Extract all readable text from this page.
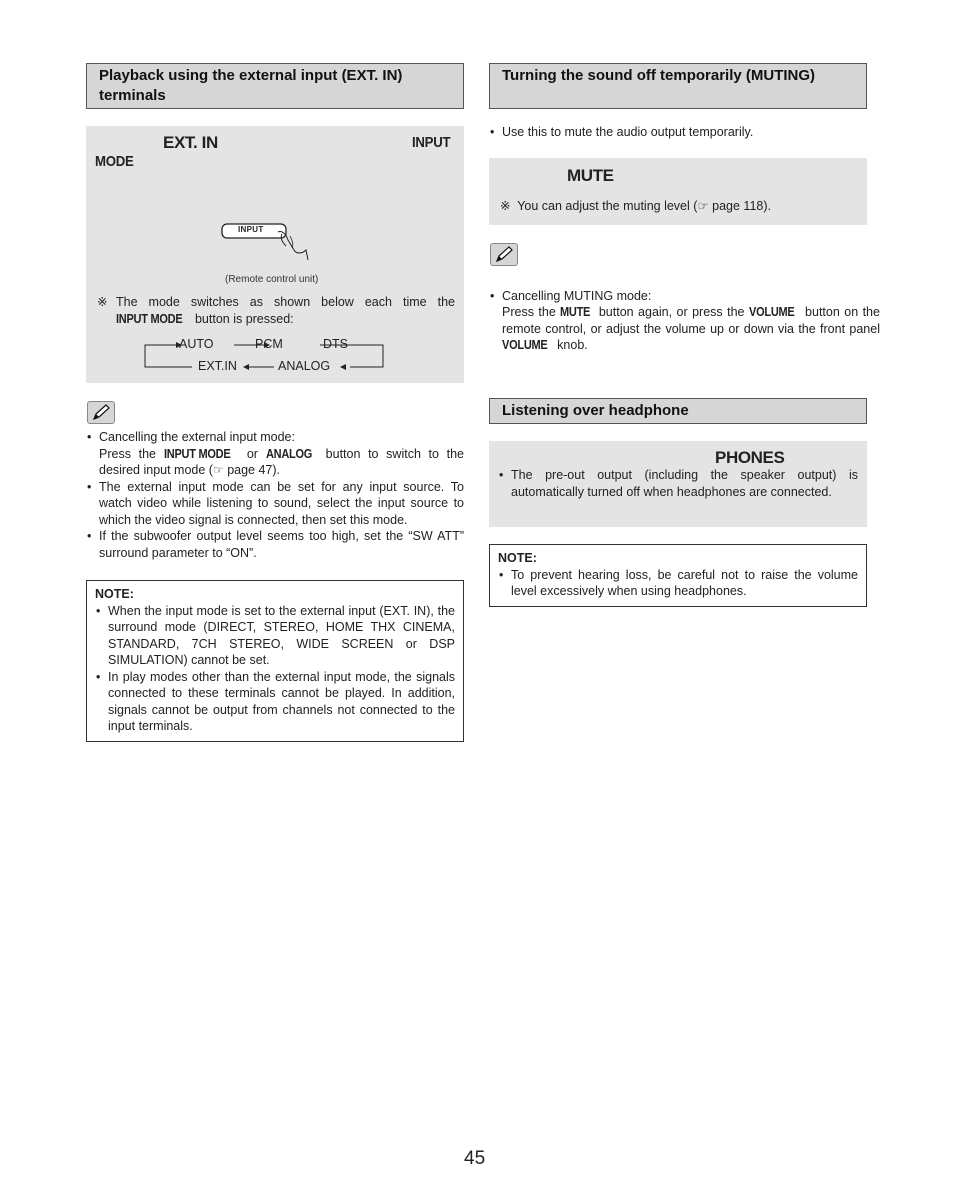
Playback using the external input (EXT. IN) terminals
EXT. IN	INPUT
MODE
INPUT
(Remote control unit)
※ The mode switches as shown below each time the INPUT MODE button is pressed:
AUTO	PCM	DTS
EXT.IN	ANALOG
• Cancelling the external input mode:

Press the INPUT MODE or ANALOG button to switch to the desired input mode (☞ page 47).
• The external input mode can be set for any input source. To watch video while listening to sound, select the input source to which the video signal is connected, then set this mode.
• If the subwoofer output level seems too high, set the “SW ATT” surround parameter to “ON”.
NOTE:
• When the input mode is set to the external input (EXT. IN), the surround mode (DIRECT, STEREO, HOME THX CINEMA, STANDARD, 7CH STEREO, WIDE SCREEN or DSP SIMULATION) cannot be set.
• In play modes other than the external input mode, the signals connected to these terminals cannot be played. In addition, signals cannot be output from channels not connected to the input terminals.
Turning the sound off temporarily (MUTING)
• Use this to mute the audio output temporarily.
MUTE
※ You can adjust the muting level (☞ page 118).
• Cancelling MUTING mode:

Press the MUTE button again, or press the VOLUME button on the remote control, or adjust the volume up or down via the front panel VOLUME knob.
Listening over headphone
PHONES
• The pre-out output (including the speaker output) is automatically turned off when headphones are connected.
NOTE:
• To prevent hearing loss, be careful not to raise the volume level excessively when using headphones.
45
